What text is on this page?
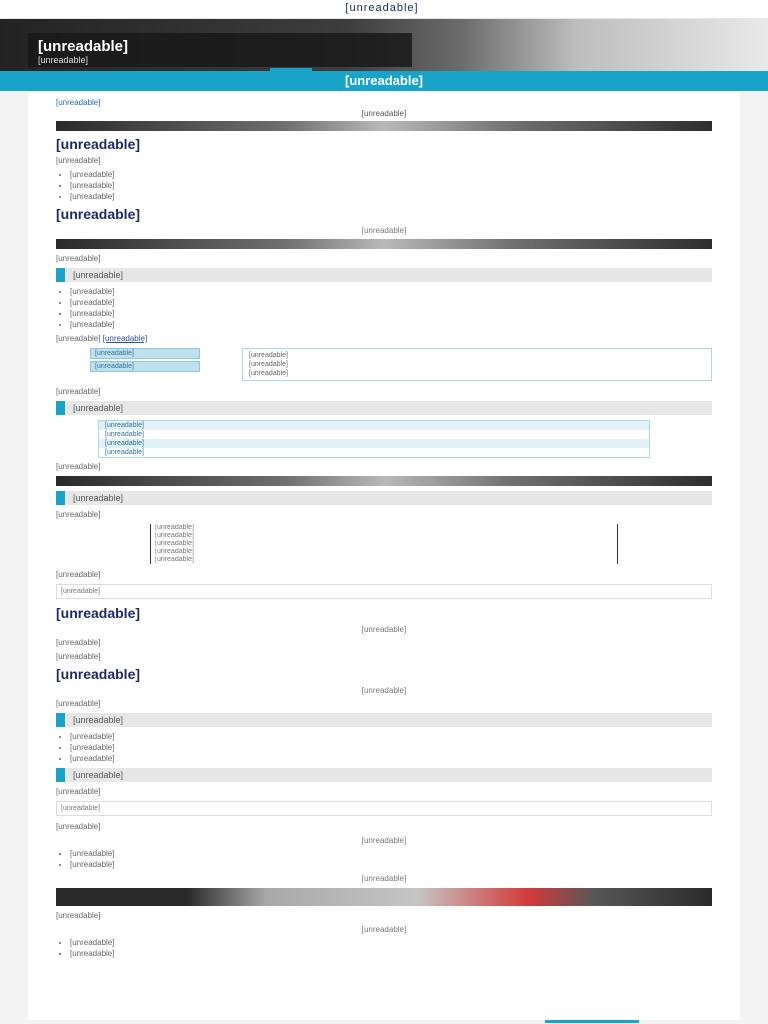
[unreadable]
[unreadable]
[unreadable]
[unreadable]
[unreadable]
[unreadable]
[unreadable]

[unreadable]

• [unreadable]
• [unreadable]
• [unreadable]
[unreadable]
[unreadable]

[unreadable]

[unreadable]
• [unreadable]
• [unreadable]
• [unreadable]
• [unreadable]

[unreadable] [unreadable]

[unreadable]
[unreadable]
[unreadable]
[unreadable]
[unreadable]

[unreadable]

[unreadable]
[unreadable]
[unreadable]
[unreadable]
[unreadable]

[unreadable]

[unreadable]

[unreadable]

[unreadable]
[unreadable]
[unreadable]
[unreadable]
[unreadable]

[unreadable]

[unreadable]
[unreadable]
[unreadable]

[unreadable]

[unreadable]

[unreadable]
[unreadable]

[unreadable]

[unreadable]
• [unreadable]
• [unreadable]
• [unreadable]
[unreadable]

[unreadable]

[unreadable]

[unreadable]

[unreadable]
• [unreadable]
• [unreadable]
[unreadable]

[unreadable]

[unreadable]
• [unreadable]
• [unreadable]
